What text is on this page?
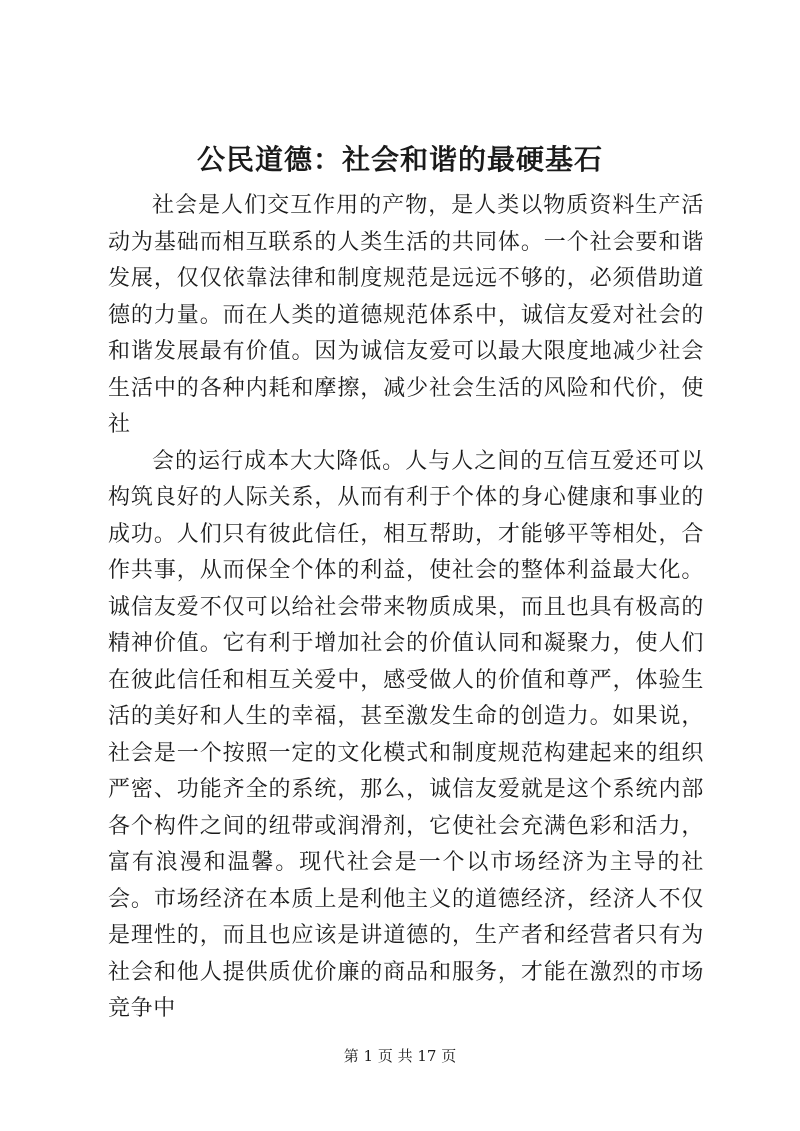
公民道德：社会和谐的最硬基石

社会是人们交互作用的产物，是人类以物质资料生产活动为基础而相互联系的人类生活的共同体。一个社会要和谐发展，仅仅依靠法律和制度规范是远远不够的，必须借助道德的力量。而在人类的道德规范体系中，诚信友爱对社会的和谐发展最有价值。因为诚信友爱可以最大限度地减少社会生活中的各种内耗和摩擦，减少社会生活的风险和代价，使社

会的运行成本大大降低。人与人之间的互信互爱还可以构筑良好的人际关系，从而有利于个体的身心健康和事业的成功。人们只有彼此信任，相互帮助，才能够平等相处，合作共事，从而保全个体的利益，使社会的整体利益最大化。诚信友爱不仅可以给社会带来物质成果，而且也具有极高的精神价值。它有利于增加社会的价值认同和凝聚力，使人们在彼此信任和相互关爱中，感受做人的价值和尊严，体验生活的美好和人生的幸福，甚至激发生命的创造力。如果说，社会是一个按照一定的文化模式和制度规范构建起来的组织严密、功能齐全的系统，那么，诚信友爱就是这个系统内部各个构件之间的纽带或润滑剂，它使社会充满色彩和活力，富有浪漫和温馨。现代社会是一个以市场经济为主导的社会。市场经济在本质上是利他主义的道德经济，经济人不仅是理性的，而且也应该是讲道德的，生产者和经营者只有为社会和他人提供质优价廉的商品和服务，才能在激烈的市场竞争中

第 1 页 共 17 页
